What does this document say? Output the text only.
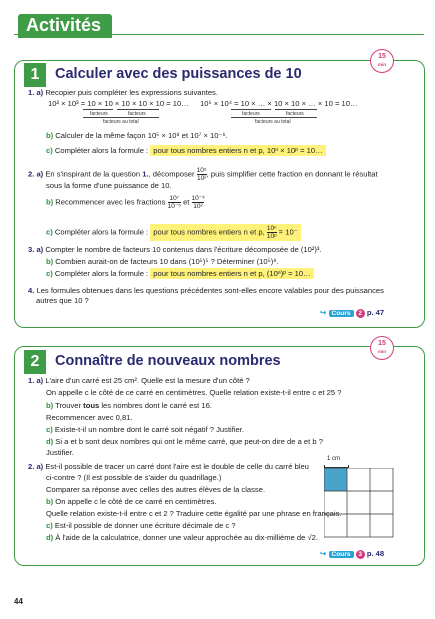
Activités
1	Calculer avec des puissances de 10
15
min
1. a) Recopier puis compléter les expressions suivantes.
10² × 10³ = 10 × 10 × 10 × 10 × 10 = 10… 10⁵ × 10⁴ = 10 × … × 10 × 10 × … × 10 = 10…
facteurs	facteurs
facteurs au total
facteurs	facteurs
facteurs au total
b) Calculer de la même façon 10⁵ × 10⁸ et 10⁷ × 10⁻⁶.
c) Compléter alors la formule : pour tous nombres entiers n et p, 10ⁿ × 10ᵖ = 10…
2. a) En s'inspirant de la question 1., décomposer $\frac{\text{10⁵}}{\text{10²}}$ , puis simplifier cette fraction en donnant le résultat
sous la forme d'une puissance de 10.
b) Recommencer avec les fractions $\frac{\text{10⁷}}{\text{10⁻⁵}}$ et $\frac{\text{10⁻³}}{\text{10²}}$
c) Compléter alors la formule : pour tous nombres entiers n et p, $\frac{\text{10ⁿ}}{\text{10ᵖ}} = 10^-$
3. a) Compter le nombre de facteurs 10 contenus dans l'écriture décomposée de (10²)³.
b) Combien aurait-on de facteurs 10 dans (10⁵)⁵ ? Déterminer (10⁵)⁸.
c) Compléter alors la formule : pour tous nombres entiers n et p, (10ⁿ)ᵖ = 10…
4. Les formules obtenues dans les questions précédentes sont-elles encore valables pour des puissances
autres que 10 ?
↪ Cours 2 p. 47
2	Connaître de nouveaux nombres
15
min
1. a) L'aire d'un carré est 25 cm². Quelle est la mesure d'un côté ?
On appelle c le côté de ce carré en centimètres. Quelle relation existe-t-il entre c et 25 ?
b) Trouver tous les nombres dont le carré est 16.
Recommencer avec 0,81.
c) Existe-t-il un nombre dont le carré soit négatif ? Justifier.
d) Si a et b sont deux nombres qui ont le même carré, que peut-on dire de a et b ?
Justifier.
2. a) Est-il possible de tracer un carré dont l'aire est le double de celle du carré bleu
ci-contre ? (Il est possible de s'aider du quadrillage.)
Comparer sa réponse avec celles des autres élèves de la classe.
b) On appelle c le côté de ce carré en centimètres.
Quelle relation existe-t-il entre c et 2 ? Traduire cette égalité par une phrase en français.
c) Est-il possible de donner une écriture décimale de c ?
d) À l'aide de la calculatrice, donner une valeur approchée au dix-millième de √2.
1 cm
↪ Cours 3 p. 48
44
